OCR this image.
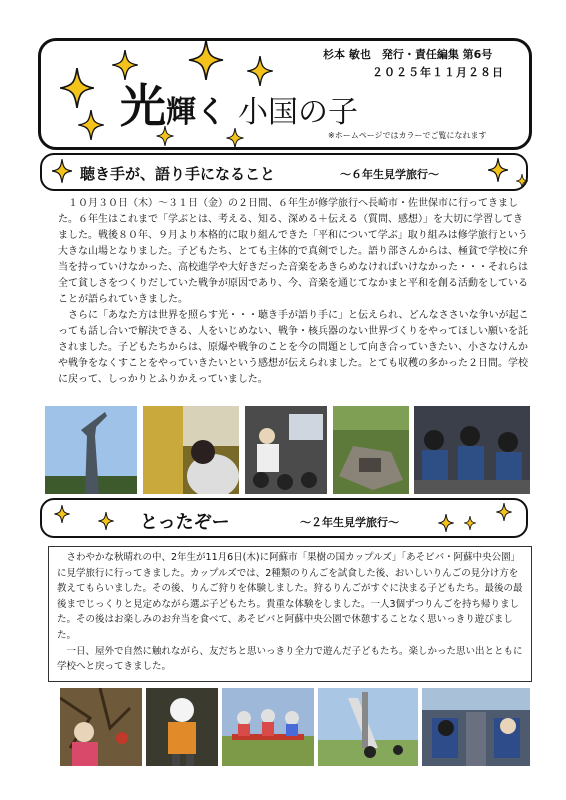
光輝く 小国の子
杉本 敏也　発行・責任編集 第6号
２０２５年１１月２８日
※ホームページではカラーでご覧になれます
聴き手が、語り手になること	～６年生見学旅行～

１０月３０日（木）～３１日（金）の２日間、６年生が修学旅行へ長崎市・佐世保市に行ってきました。６年生はこれまで「学ぶとは、考える、知る、深める＋伝える（質問、感想）」を大切に学習してきました。戦後８０年、９月より本格的に取り組んできた「平和について学ぶ」取り組みは修学旅行という大きな山場となりました。子どもたち、とても主体的で真剣でした。語り部さんからは、極貧で学校に弁当を持っていけなかった、高校進学や大好きだった音楽をあきらめなければいけなかった・・・それらは全て貧しさをつくりだしていた戦争が原因であり、今、音楽を通じてなかまと平和を創る活動をしていることが語られていきました。

さらに「あなた方は世界を照らす光・・・聴き手が語り手に」と伝えられ、どんなささいな争いが起こっても話し合いで解決できる、人をいじめない、戦争・核兵器のない世界づくりをやってほしい願いを託されました。子どもたちからは、原爆や戦争のことを今の問題として向き合っていきたい、小さなけんかや戦争をなくすことをやっていきたいという感想が伝えられました。とても収穫の多かった２日間。学校に戻って、しっかりとふりかえっていました。

とったぞー	～２年生見学旅行～

さわやかな秋晴れの中、2年生が11月6日(木)に阿蘇市「果樹の国カップルズ」「あそビバ・阿蘇中央公園」に見学旅行に行ってきました。カップルズでは、2種類のりんごを試食した後、おいしいりんごの見分け方を教えてもらいました。その後、りんご狩りを体験しました。狩るりんごがすぐに決まる子どもたち。最後の最後までじっくりと見定めながら選ぶ子どもたち。貴重な体験をしました。一人3個ずつりんごを持ち帰りました。その後はお楽しみのお弁当を食べて、あそビバと阿蘇中央公園で休憩することなく思いっきり遊びました。

一日、屋外で自然に触れながら、友だちと思いっきり全力で遊んだ子どもたち。楽しかった思い出とともに学校へと戻ってきました。
